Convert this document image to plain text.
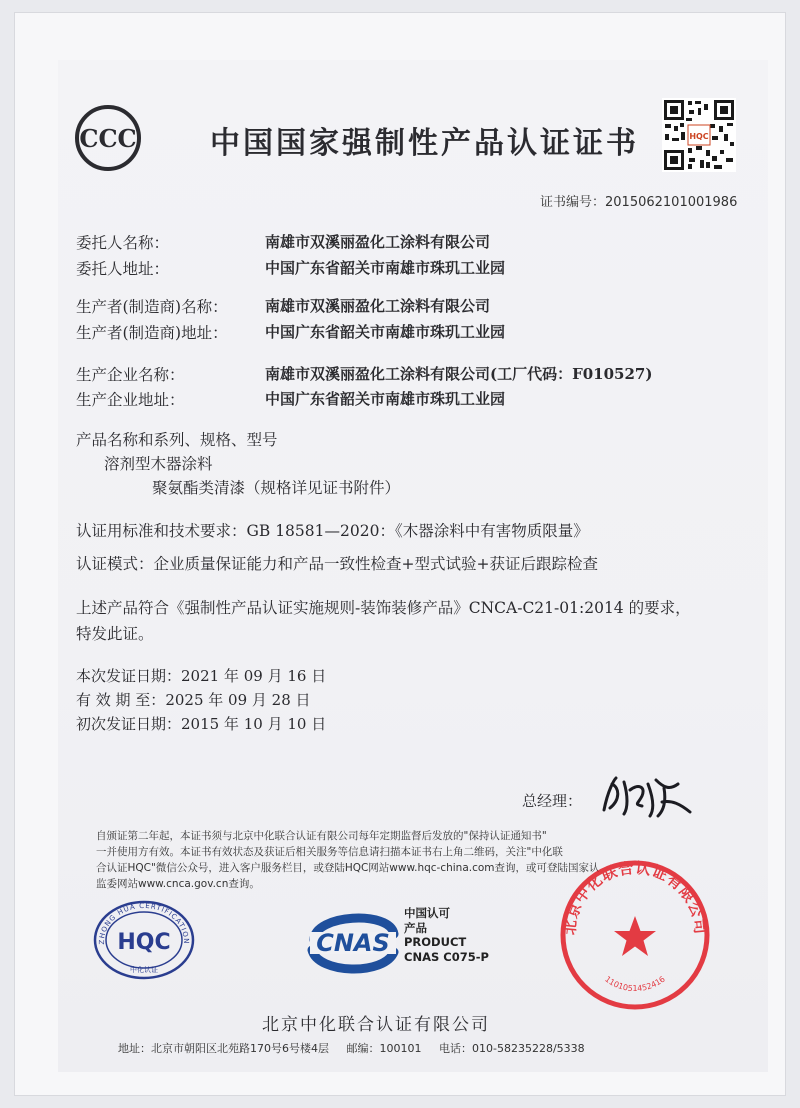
CCC 中国国家强制性产品认证证书	HQC
证书编号：2015062101001986
委托人名称：	南雄市双溪丽盈化工涂料有限公司
委托人地址：	中国广东省韶关市南雄市珠玑工业园
生产者(制造商)名称： 南雄市双溪丽盈化工涂料有限公司
生产者(制造商)地址： 中国广东省韶关市南雄市珠玑工业园
生产企业名称：	南雄市双溪丽盈化工涂料有限公司(工厂代码：F010527)
生产企业地址：	中国广东省韶关市南雄市珠玑工业园
产品名称和系列、规格、型号
溶剂型木器涂料
聚氨酯类清漆（规格详见证书附件）
认证用标准和技术要求：GB 18581—2020：《木器涂料中有害物质限量》
认证模式：企业质量保证能力和产品一致性检查+型式试验+获证后跟踪检查
上述产品符合《强制性产品认证实施规则-装饰装修产品》CNCA-C21-01:2014 的要求，
特发此证。
本次发证日期：2021 年 09 月 16 日
有 效 期 至：2025 年 09 月 28 日
初次发证日期：2015 年 10 月 10 日
总经理：
自颁证第二年起，本证书须与北京中化联合认证有限公司每年定期监督后发放的"保持认证通知书"
一并使用方有效。本证书有效状态及获证后相关服务等信息请扫描本证书右上角二维码，关注"中化联
合认证HQC"微信公众号，进入客户服务栏目，或登陆HQC网站www.hqc-china.com查询，或可登陆国家认
监委网站www.cnca.gov.cn查询。
ZHONG HUA CERTIFICATION
HQC
中化认证
CNAS
中国认可
产品
PRODUCT
CNAS C075-P
北京中化联合认证有限公司
1101051452416
北京中化联合认证有限公司
地址：北京市朝阳区北苑路170号6号楼4层 邮编：100101 电话：010-58235228/5338
